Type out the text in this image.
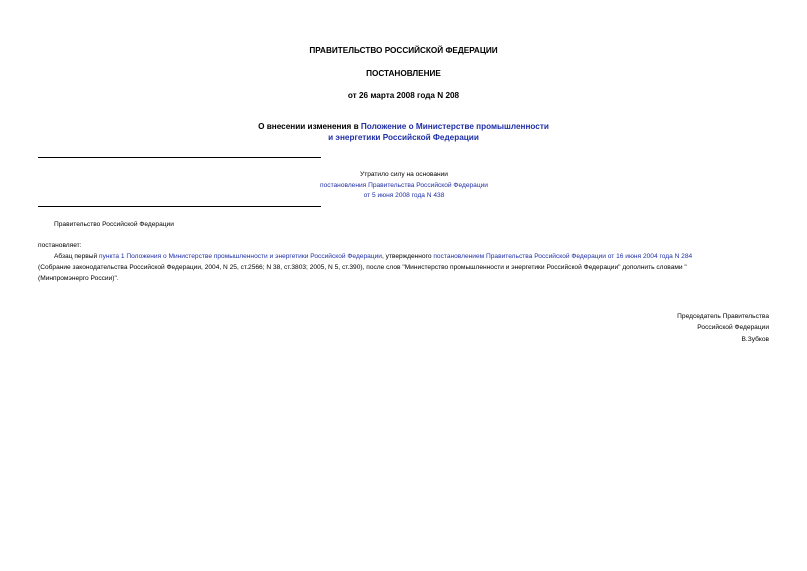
ПРАВИТЕЛЬСТВО РОССИЙСКОЙ ФЕДЕРАЦИИ
ПОСТАНОВЛЕНИЕ
от 26 марта 2008 года N 208
О внесении изменения в Положение о Министерстве промышленности
и энергетики Российской Федерации
Утратило силу на основании
постановления Правительства Российской Федерации
от 5 июня 2008 года N 438
Правительство Российской Федерации
постановляет:
Абзац первый пункта 1 Положения о Министерстве промышленности и энергетики Российской Федерации, утвержденного постановлением Правительства Российской Федерации от 16 июня 2004 года N 284
(Собрание законодательства Российской Федерации, 2004, N 25, ст.2566; N 38, ст.3803; 2005, N 5, ст.390), после слов "Министерство промышленности и энергетики Российской Федерации" дополнить словами "
(Минпромэнерго России)".
Председатель Правительства
Российской Федерации
В.Зубков
